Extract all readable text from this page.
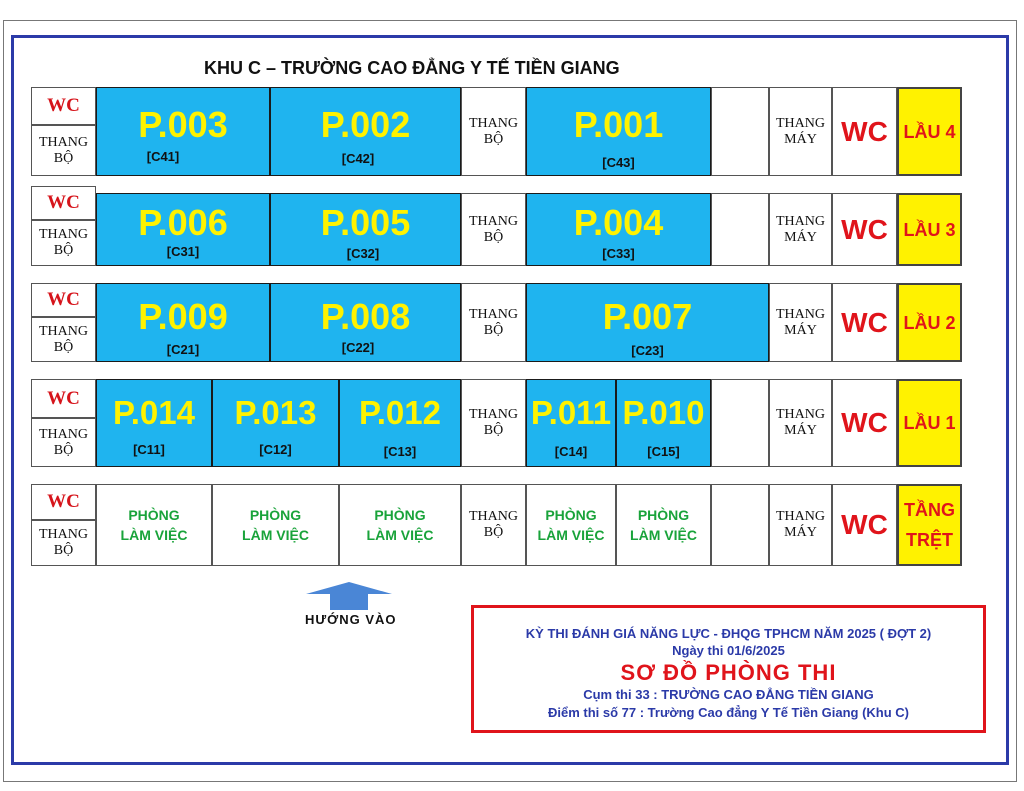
KHU C – TRƯỜNG CAO ĐẲNG Y TẾ TIỀN GIANG
WC
THANG
BỘ
P.003
[C41]
P.002
[C42]
THANG
BỘ	P.001
[C43]
THANG
MÁY WC LẦU 4
WC
THANG
BỘ
P.006
[C31]
P.005
[C32]
THANG
BỘ	P.004
[C33]
THANG
MÁY WC LẦU 3
WC
THANG
BỘ
P.009
[C21]
P.008
[C22]
THANG
BỘ	P.007
[C23]
THANG
MÁY WC LẦU 2
WC
THANG
BỘ
P.014
[C11]
P.013
[C12]
P.012
[C13]
THANG
BỘ P.011
[C14]
P.010
[C15]
THANG
MÁY WC LẦU 1
WC
THANG
BỘ
PHÒNG
LÀM VIỆC
PHÒNG
LÀM VIỆC
PHÒNG
LÀM VIỆC
THANG
BỘ
PHÒNG
LÀM VIỆC
PHÒNG
LÀM VIỆC
THANG
MÁY WC TẦNG
TRỆT
HƯỚNG VÀO
KỲ THI ĐÁNH GIÁ NĂNG LỰC - ĐHQG TPHCM NĂM 2025 ( ĐỢT 2)
Ngày thi 01/6/2025
SƠ ĐỒ PHÒNG THI
Cụm thi 33 : TRƯỜNG CAO ĐẲNG TIỀN GIANG
Điểm thi số 77 : Trường Cao đẳng Y Tế Tiền Giang (Khu C)
